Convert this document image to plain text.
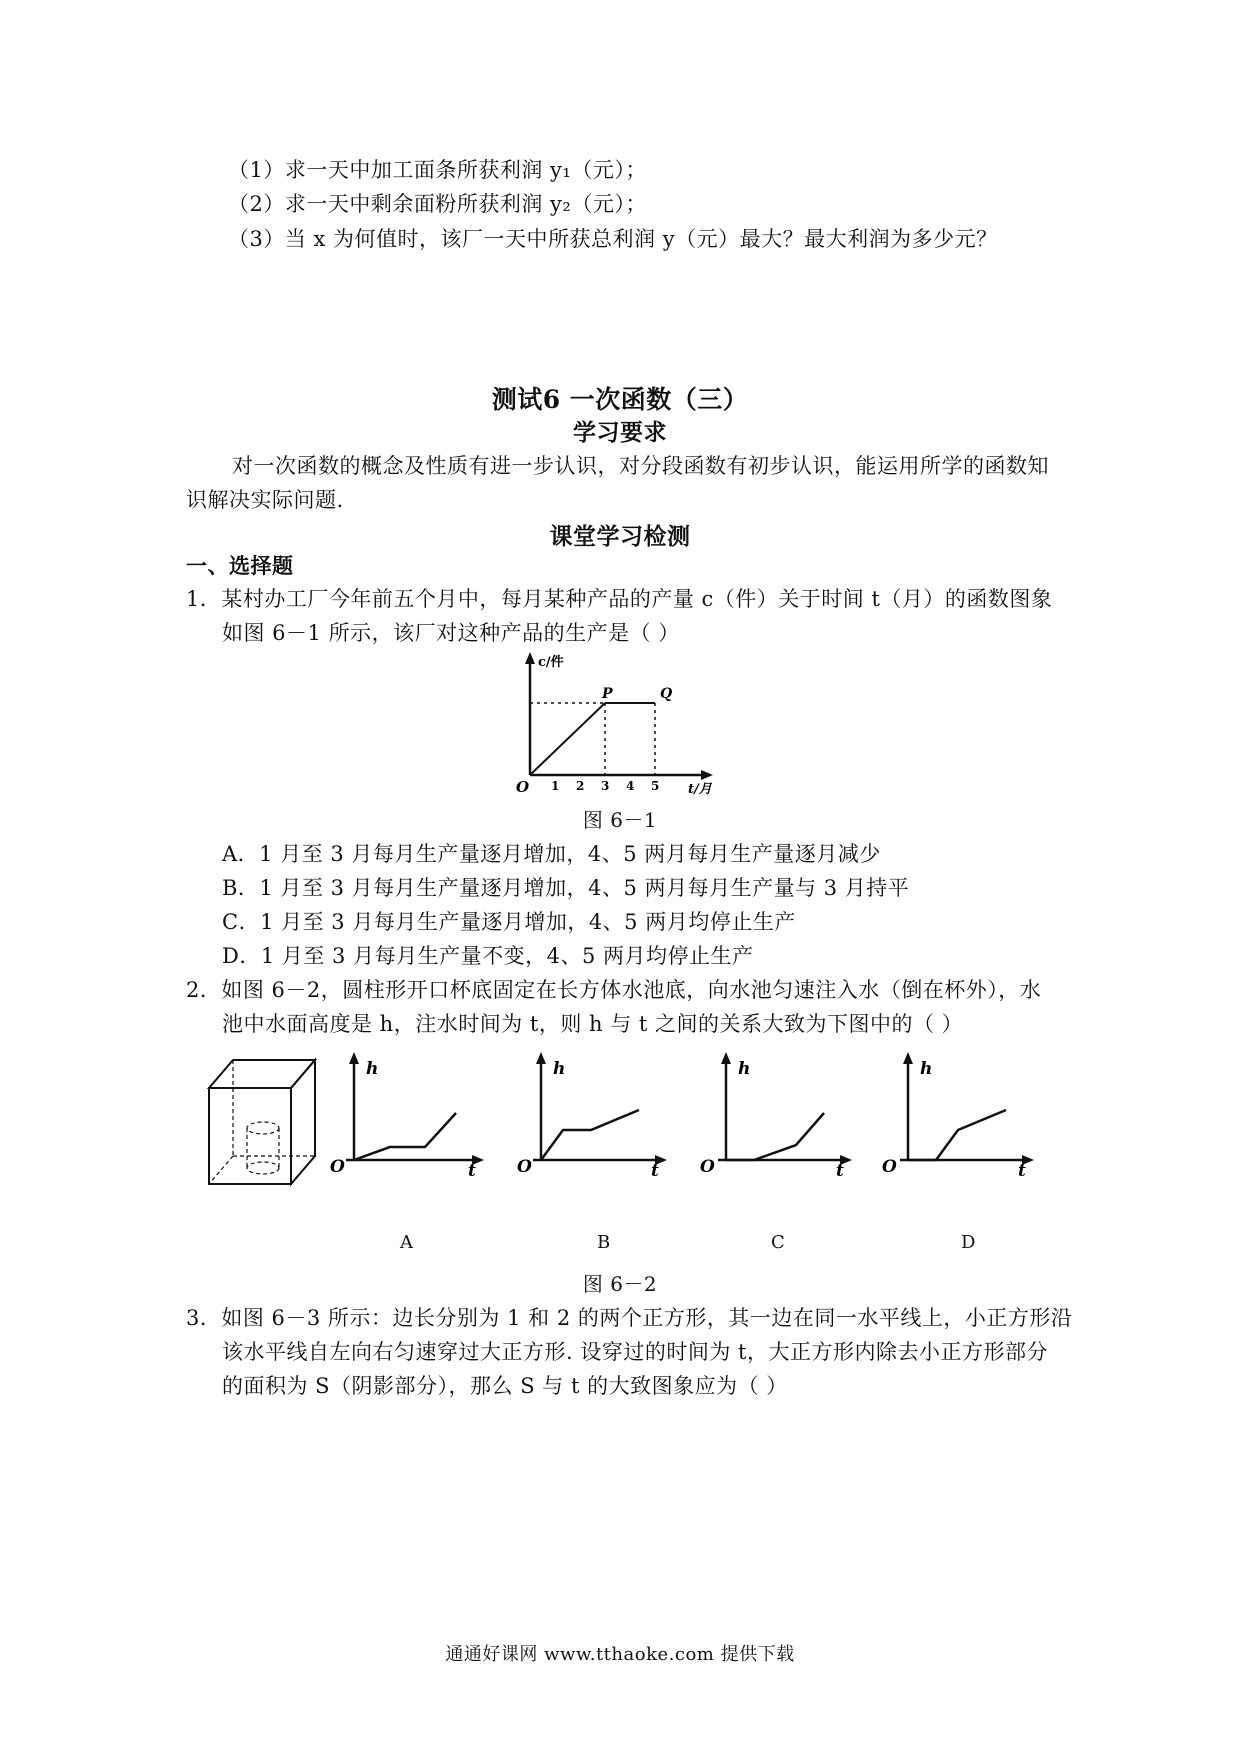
（1）求一天中加工面条所获利润 y₁（元）；
（2）求一天中剩余面粉所获利润 y₂（元）；
（3）当 x 为何值时，该厂一天中所获总利润 y（元）最大？最大利润为多少元？
测试6 一次函数（三）
学习要求
对一次函数的概念及性质有进一步认识，对分段函数有初步认识，能运用所学的函数知
识解决实际问题.
课堂学习检测
一、选择题
1．某村办工厂今年前五个月中，每月某种产品的产量 c（件）关于时间 t（月）的函数图象
如图 6－1 所示，该厂对这种产品的生产是（ ）
c/件
t/月
O 1 2 3 4 5
P	Q
图 6－1
A．1 月至 3 月每月生产量逐月增加，4、5 两月每月生产量逐月减少
B．1 月至 3 月每月生产量逐月增加，4、5 两月每月生产量与 3 月持平
C．1 月至 3 月每月生产量逐月增加，4、5 两月均停止生产
D．1 月至 3 月每月生产量不变，4、5 两月均停止生产
2．如图 6－2，圆柱形开口杯底固定在长方体水池底，向水池匀速注入水（倒在杯外），水
池中水面高度是 h，注水时间为 t，则 h 与 t 之间的关系大致为下图中的（ ）
h
O	t
h
O	t
h
O	t
h
O	t
A	B	C	D
图 6－2
3．如图 6－3 所示：边长分别为 1 和 2 的两个正方形，其一边在同一水平线上，小正方形沿
该水平线自左向右匀速穿过大正方形. 设穿过的时间为 t，大正方形内除去小正方形部分
的面积为 S（阴影部分），那么 S 与 t 的大致图象应为（ ）
通通好课网 www.tthaoke.com 提供下载
